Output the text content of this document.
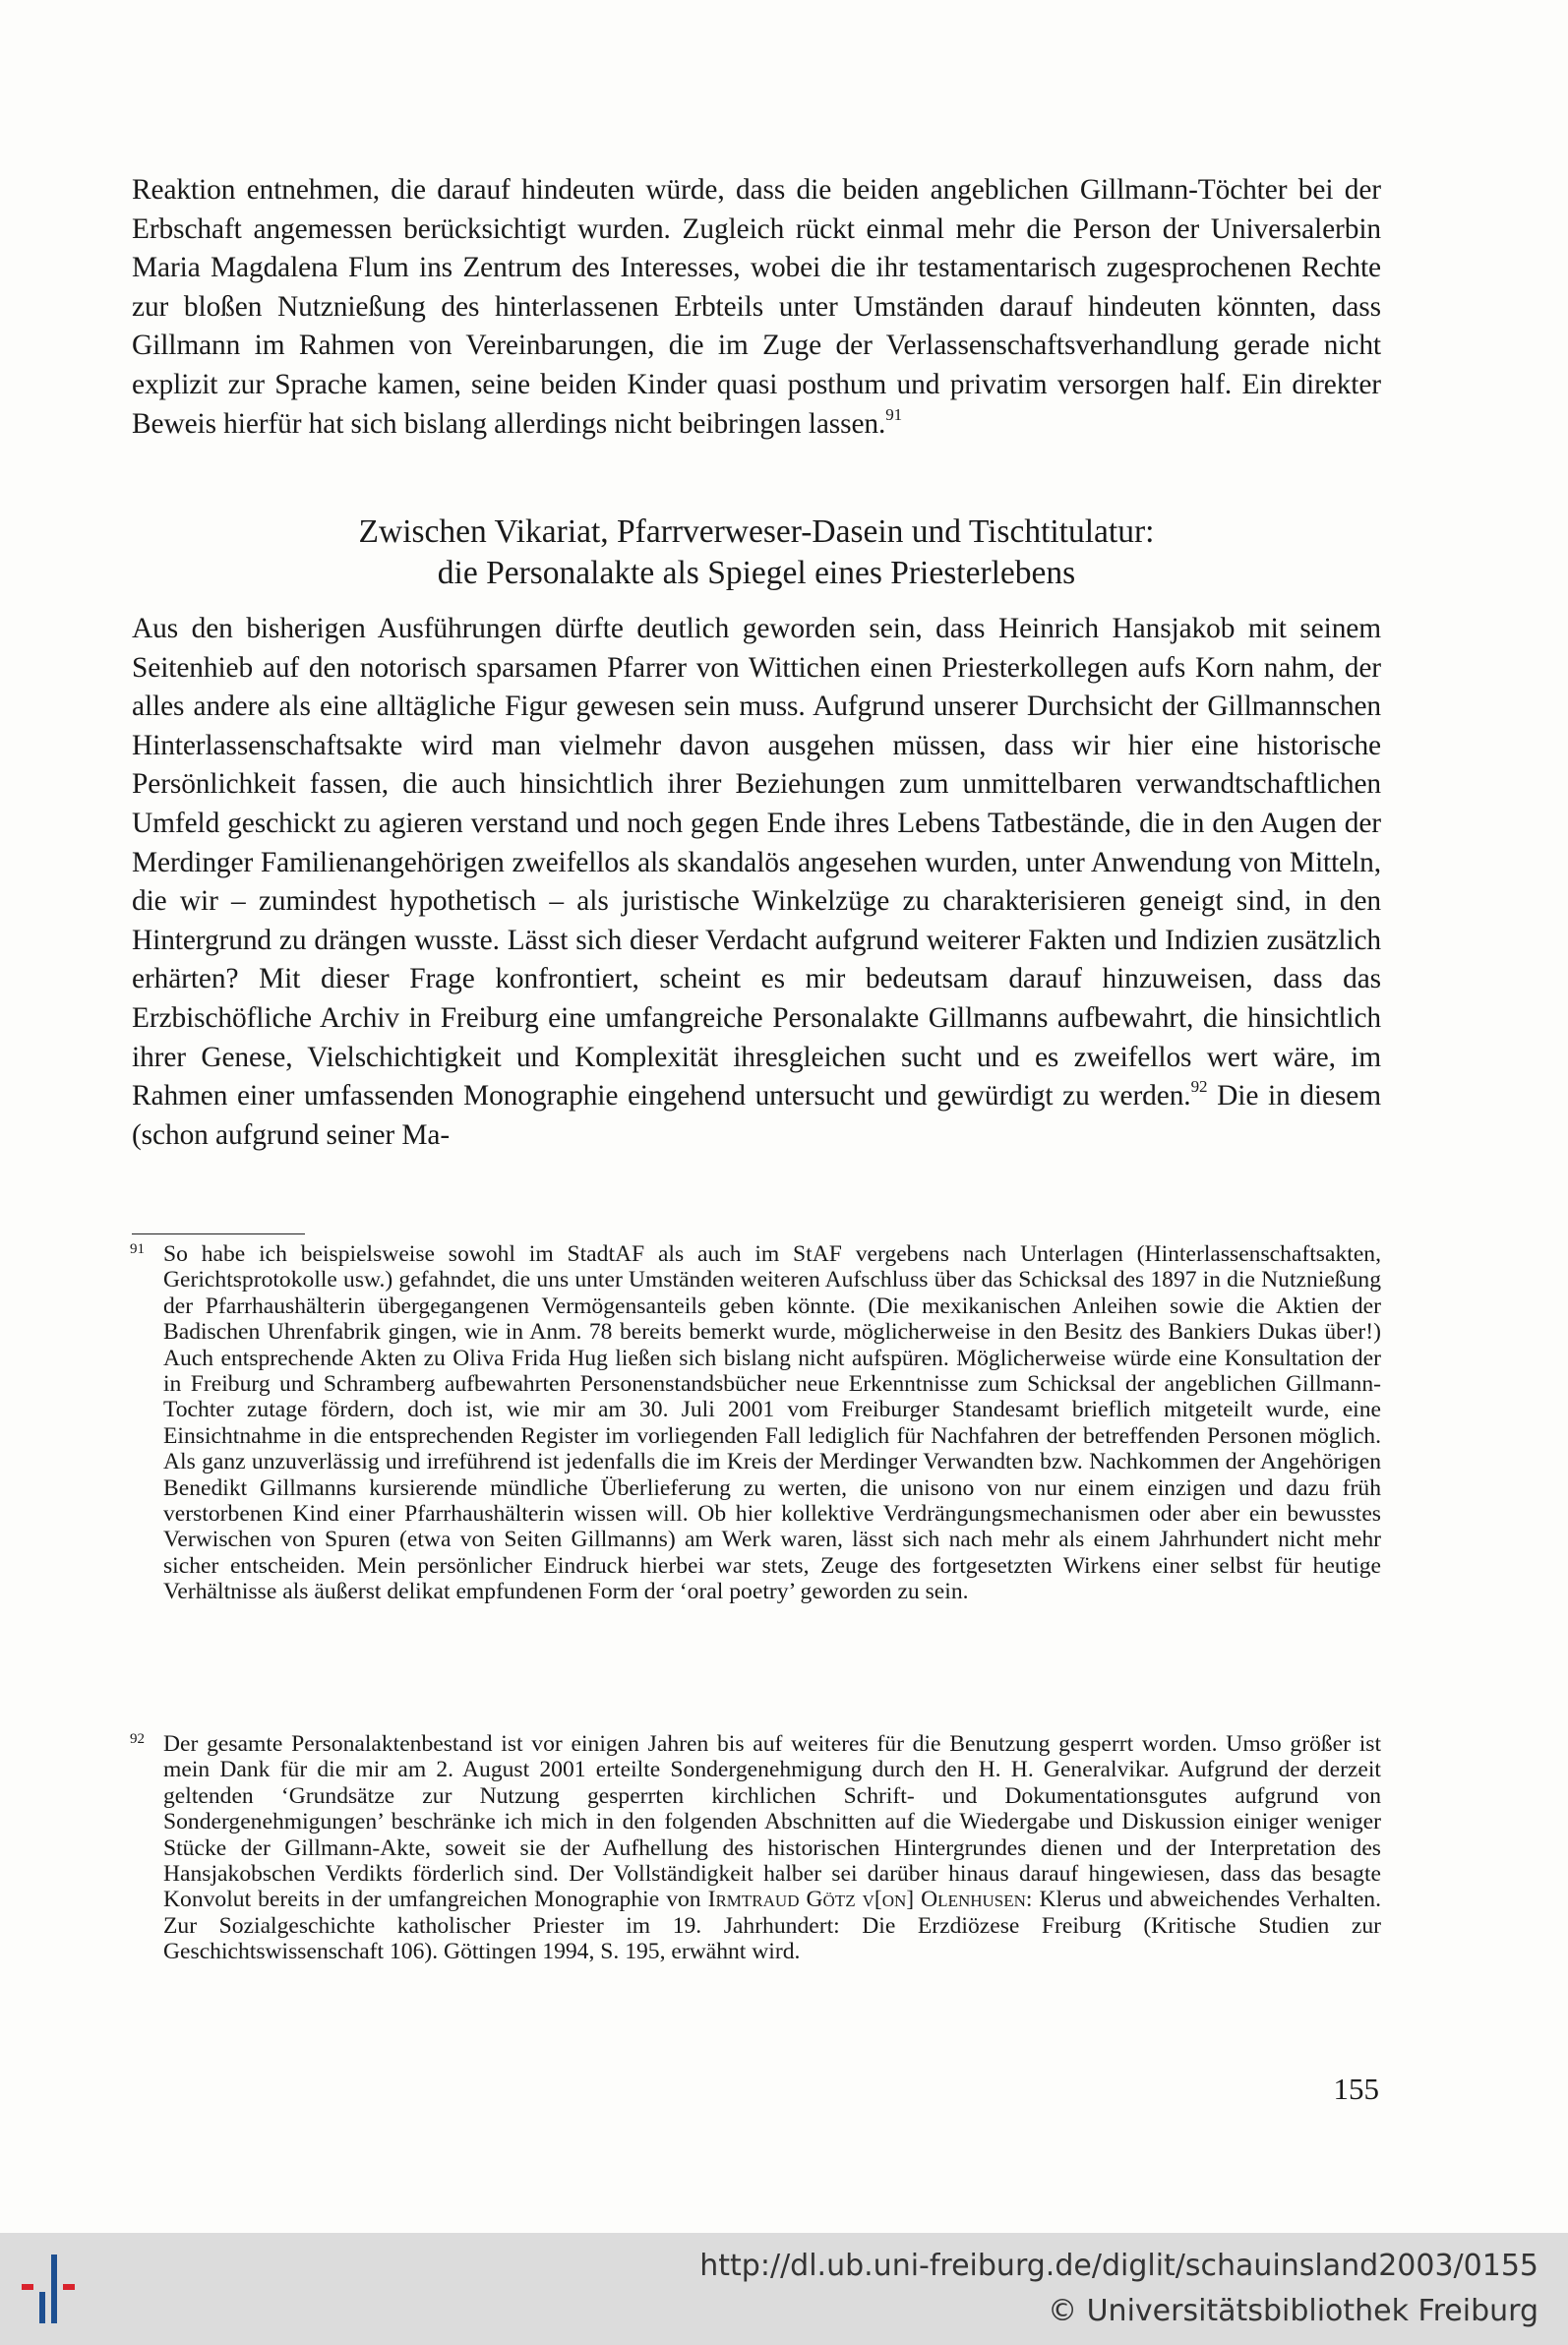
Reaktion entnehmen, die darauf hindeuten würde, dass die beiden angeblichen Gillmann-Töchter bei der Erbschaft angemessen berücksichtigt wurden. Zugleich rückt einmal mehr die Person der Universalerbin Maria Magdalena Flum ins Zentrum des Interesses, wobei die ihr testamentarisch zugesprochenen Rechte zur bloßen Nutznießung des hinterlassenen Erbteils unter Umständen darauf hindeuten könnten, dass Gillmann im Rahmen von Vereinbarungen, die im Zuge der Verlassenschaftsverhandlung gerade nicht explizit zur Sprache kamen, seine beiden Kinder quasi posthum und privatim versorgen half. Ein direkter Beweis hierfür hat sich bislang allerdings nicht beibringen lassen.$^{91}$

Zwischen Vikariat, Pfarrverweser-Dasein und Tischtitulatur:
die Personalakte als Spiegel eines Priesterlebens

Aus den bisherigen Ausführungen dürfte deutlich geworden sein, dass Heinrich Hansjakob mit seinem Seitenhieb auf den notorisch sparsamen Pfarrer von Wittichen einen Priesterkollegen aufs Korn nahm, der alles andere als eine alltägliche Figur gewesen sein muss. Aufgrund unserer Durchsicht der Gillmannschen Hinterlassenschaftsakte wird man vielmehr davon ausgehen müssen, dass wir hier eine historische Persönlichkeit fassen, die auch hinsichtlich ihrer Beziehungen zum unmittelbaren verwandtschaftlichen Umfeld geschickt zu agieren verstand und noch gegen Ende ihres Lebens Tatbestände, die in den Augen der Merdinger Familienangehörigen zweifellos als skandalös angesehen wurden, unter Anwendung von Mitteln, die wir – zumindest hypothetisch – als juristische Winkelzüge zu charakterisieren geneigt sind, in den Hintergrund zu drängen wusste. Lässt sich dieser Verdacht aufgrund weiterer Fakten und Indizien zusätzlich erhärten? Mit dieser Frage konfrontiert, scheint es mir bedeutsam darauf hinzuweisen, dass das Erzbischöfliche Archiv in Freiburg eine umfangreiche Personalakte Gillmanns aufbewahrt, die hinsichtlich ihrer Genese, Vielschichtigkeit und Komplexität ihresgleichen sucht und es zweifellos wert wäre, im Rahmen einer umfassenden Monographie eingehend untersucht und gewürdigt zu werden.$^{92}$ Die in diesem (schon aufgrund seiner Ma-

91 So habe ich beispielsweise sowohl im StadtAF als auch im StAF vergebens nach Unterlagen (Hinterlassenschaftsakten, Gerichtsprotokolle usw.) gefahndet, die uns unter Umständen weiteren Aufschluss über das Schicksal des 1897 in die Nutznießung der Pfarrhaushälterin übergegangenen Vermögensanteils geben könnte. (Die mexikanischen Anleihen sowie die Aktien der Badischen Uhrenfabrik gingen, wie in Anm. 78 bereits bemerkt wurde, möglicherweise in den Besitz des Bankiers Dukas über!) Auch entsprechende Akten zu Oliva Frida Hug ließen sich bislang nicht aufspüren. Möglicherweise würde eine Konsultation der in Freiburg und Schramberg aufbewahrten Personenstandsbücher neue Erkenntnisse zum Schicksal der angeblichen Gillmann-Tochter zutage fördern, doch ist, wie mir am 30. Juli 2001 vom Freiburger Standesamt brieflich mitgeteilt wurde, eine Einsichtnahme in die entsprechenden Register im vorliegenden Fall lediglich für Nachfahren der betreffenden Personen möglich. Als ganz unzuverlässig und irreführend ist jedenfalls die im Kreis der Merdinger Verwandten bzw. Nachkommen der Angehörigen Benedikt Gillmanns kursierende mündliche Überlieferung zu werten, die unisono von nur einem einzigen und dazu früh verstorbenen Kind einer Pfarrhaushälterin wissen will. Ob hier kollektive Verdrängungsmechanismen oder aber ein bewusstes Verwischen von Spuren (etwa von Seiten Gillmanns) am Werk waren, lässt sich nach mehr als einem Jahrhundert nicht mehr sicher entscheiden. Mein persönlicher Eindruck hierbei war stets, Zeuge des fortgesetzten Wirkens einer selbst für heutige Verhältnisse als äußerst delikat empfundenen Form der ‘oral poetry’ geworden zu sein.
92 Der gesamte Personalaktenbestand ist vor einigen Jahren bis auf weiteres für die Benutzung gesperrt worden. Umso größer ist mein Dank für die mir am 2. August 2001 erteilte Sondergenehmigung durch den H. H. Generalvikar. Aufgrund der derzeit geltenden ‘Grundsätze zur Nutzung gesperrten kirchlichen Schrift- und Dokumentationsgutes aufgrund von Sondergenehmigungen’ beschränke ich mich in den folgenden Abschnitten auf die Wiedergabe und Diskussion einiger weniger Stücke der Gillmann-Akte, soweit sie der Aufhellung des historischen Hintergrundes dienen und der Interpretation des Hansjakobschen Verdikts förderlich sind. Der Vollständigkeit halber sei darüber hinaus darauf hingewiesen, dass das besagte Konvolut bereits in der umfangreichen Monographie von Irmtraud Götz v[on] Olenhusen: Klerus und abweichendes Verhalten. Zur Sozialgeschichte katholischer Priester im 19. Jahrhundert: Die Erzdiözese Freiburg (Kritische Studien zur Geschichtswissenschaft 106). Göttingen 1994, S. 195, erwähnt wird.
155
http://dl.ub.uni-freiburg.de/diglit/schauinsland2003/0155
© Universitätsbibliothek Freiburg
